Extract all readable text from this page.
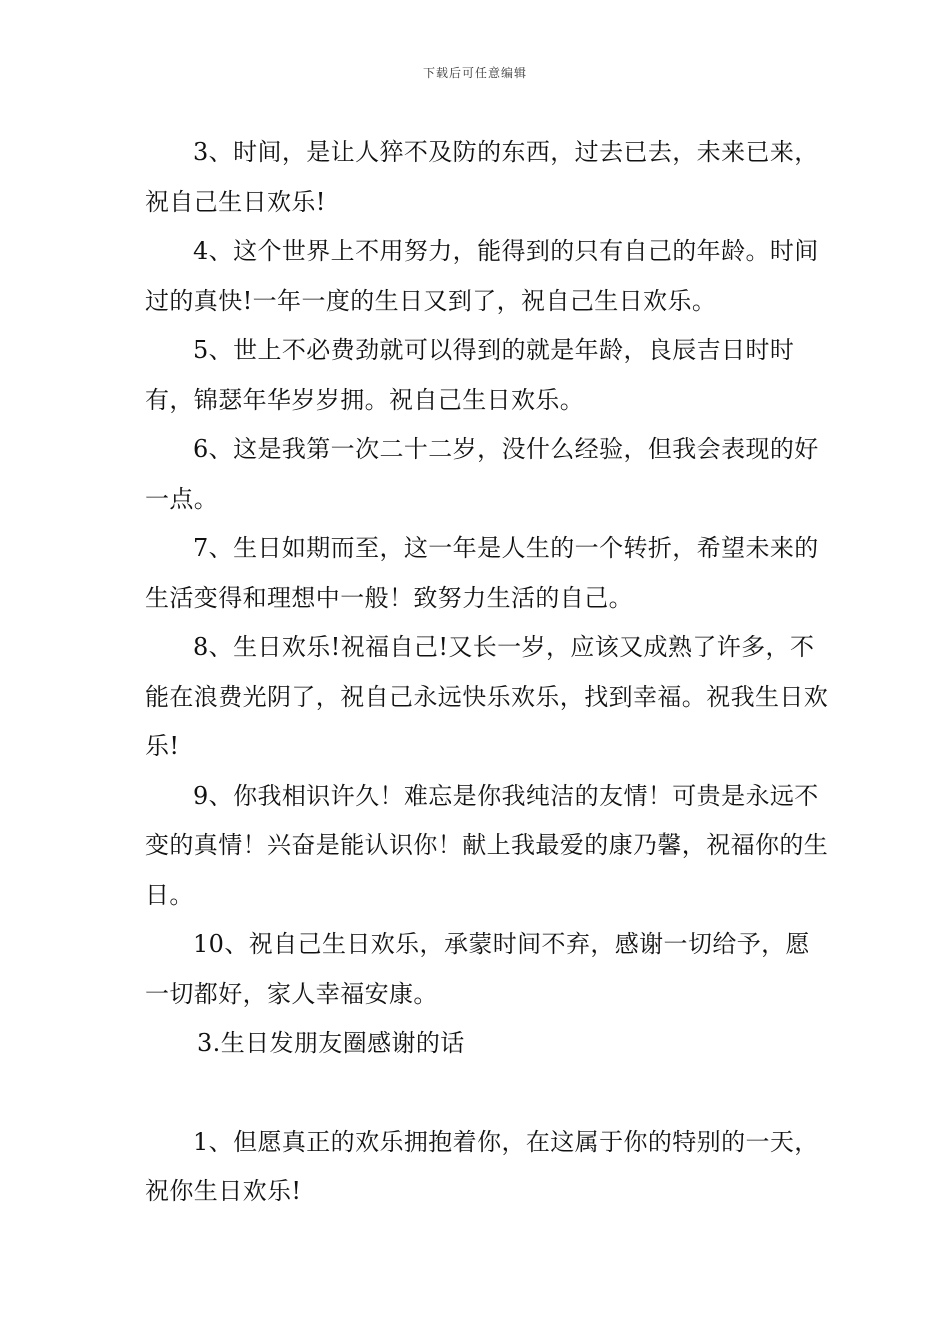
下载后可任意编辑

3、时间，是让人猝不及防的东西，过去已去，未来已来，祝自己生日欢乐!

4、这个世界上不用努力，能得到的只有自己的年龄。时间过的真快!一年一度的生日又到了，祝自己生日欢乐。

5、世上不必费劲就可以得到的就是年龄，良辰吉日时时有，锦瑟年华岁岁拥。祝自己生日欢乐。

6、这是我第一次二十二岁，没什么经验，但我会表现的好一点。

7、生日如期而至，这一年是人生的一个转折，希望未来的生活变得和理想中一般！致努力生活的自己。

8、生日欢乐!祝福自己!又长一岁，应该又成熟了许多，不能在浪费光阴了，祝自己永远快乐欢乐，找到幸福。祝我生日欢乐!

9、你我相识许久！难忘是你我纯洁的友情！可贵是永远不变的真情！兴奋是能认识你！献上我最爱的康乃馨，祝福你的生日。

10、祝自己生日欢乐，承蒙时间不弃，感谢一切给予，愿一切都好，家人幸福安康。

3.生日发朋友圈感谢的话

1、但愿真正的欢乐拥抱着你，在这属于你的特别的一天，祝你生日欢乐!
